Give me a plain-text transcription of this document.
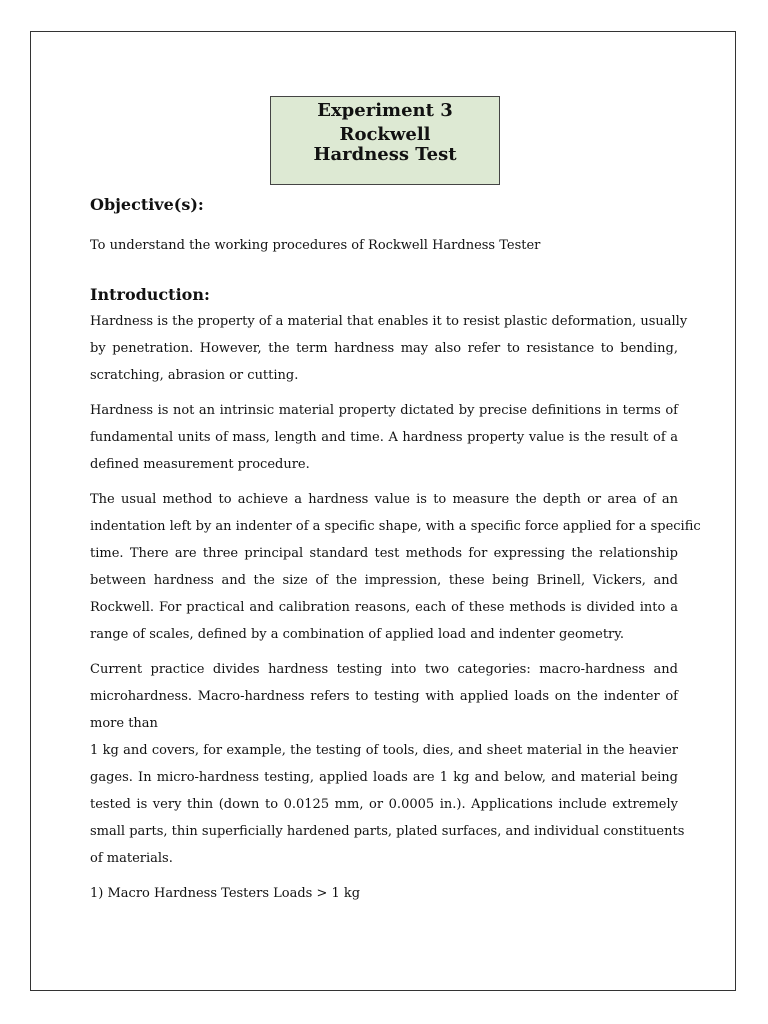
Experiment 3 Rockwell
Hardness Test
Objective(s):
To understand the working procedures of Rockwell Hardness Tester
Introduction:
Hardness is the property of a material that enables it to resist plastic deformation, usually
by penetration. However, the term hardness may also refer to resistance to bending,
scratching, abrasion or cutting.
Hardness is not an intrinsic material property dictated by precise definitions in terms of
fundamental units of mass, length and time. A hardness property value is the result of a
defined measurement procedure.
The usual method to achieve a hardness value is to measure the depth or area of an
indentation left by an indenter of a specific shape, with a specific force applied for a specific
time. There are three principal standard test methods for expressing the relationship
between hardness and the size of the impression, these being Brinell, Vickers, and
Rockwell. For practical and calibration reasons, each of these methods is divided into a
range of scales, defined by a combination of applied load and indenter geometry.
Current practice divides hardness testing into two categories: macro-hardness and
microhardness. Macro-hardness refers to testing with applied loads on the indenter of
more than
1 kg and covers, for example, the testing of tools, dies, and sheet material in the heavier
gages. In micro-hardness testing, applied loads are 1 kg and below, and material being
tested is very thin (down to 0.0125 mm, or 0.0005 in.). Applications include extremely
small parts, thin superficially hardened parts, plated surfaces, and individual constituents
of materials.
1) Macro Hardness Testers Loads > 1 kg
